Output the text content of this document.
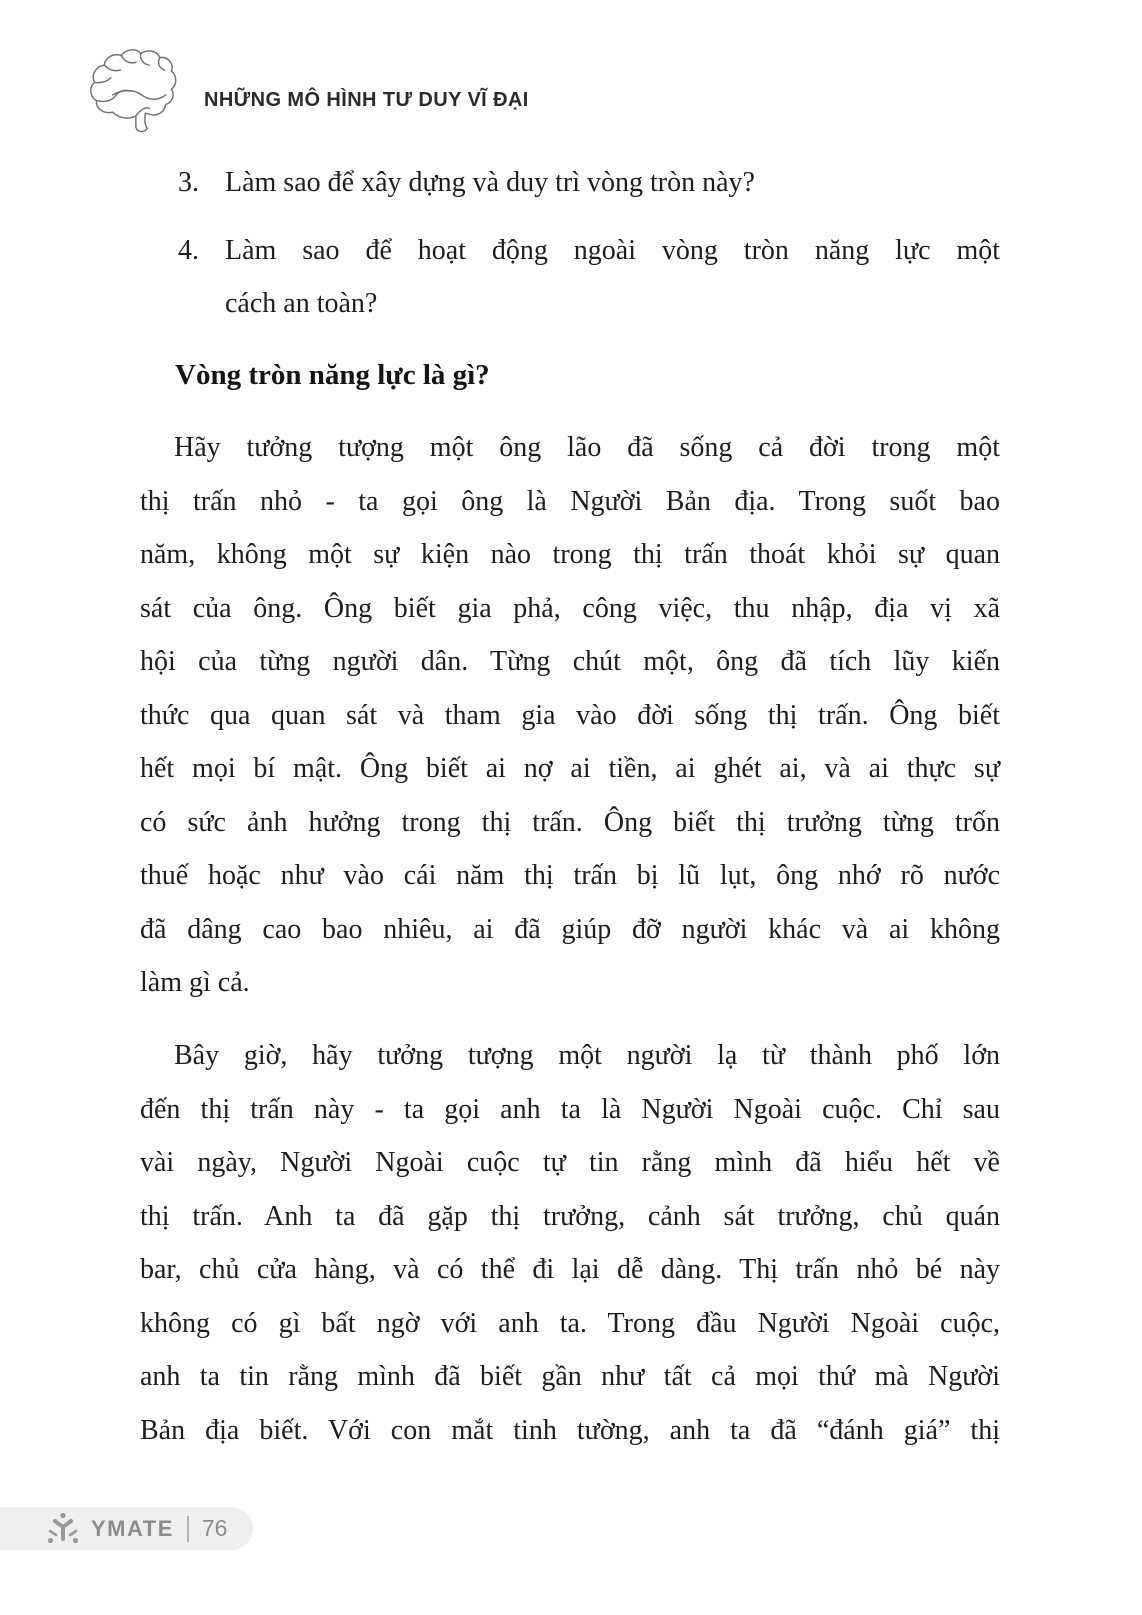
NHỮNG MÔ HÌNH TƯ DUY VĨ ĐẠI
3. Làm sao để xây dựng và duy trì vòng tròn này?
4. Làm sao để hoạt động ngoài vòng tròn năng lực một
cách an toàn?
Vòng tròn năng lực là gì?
Hãy tưởng tượng một ông lão đã sống cả đời trong một
thị trấn nhỏ - ta gọi ông là Người Bản địa. Trong suốt bao
năm, không một sự kiện nào trong thị trấn thoát khỏi sự quan
sát của ông. Ông biết gia phả, công việc, thu nhập, địa vị xã
hội của từng người dân. Từng chút một, ông đã tích lũy kiến
thức qua quan sát và tham gia vào đời sống thị trấn. Ông biết
hết mọi bí mật. Ông biết ai nợ ai tiền, ai ghét ai, và ai thực sự
có sức ảnh hưởng trong thị trấn. Ông biết thị trưởng từng trốn
thuế hoặc như vào cái năm thị trấn bị lũ lụt, ông nhớ rõ nước
đã dâng cao bao nhiêu, ai đã giúp đỡ người khác và ai không
làm gì cả.
Bây giờ, hãy tưởng tượng một người lạ từ thành phố lớn
đến thị trấn này - ta gọi anh ta là Người Ngoài cuộc. Chỉ sau
vài ngày, Người Ngoài cuộc tự tin rằng mình đã hiểu hết về
thị trấn. Anh ta đã gặp thị trưởng, cảnh sát trưởng, chủ quán
bar, chủ cửa hàng, và có thể đi lại dễ dàng. Thị trấn nhỏ bé này
không có gì bất ngờ với anh ta. Trong đầu Người Ngoài cuộc,
anh ta tin rằng mình đã biết gần như tất cả mọi thứ mà Người
Bản địa biết. Với con mắt tinh tường, anh ta đã “đánh giá” thị
YMATE 76
